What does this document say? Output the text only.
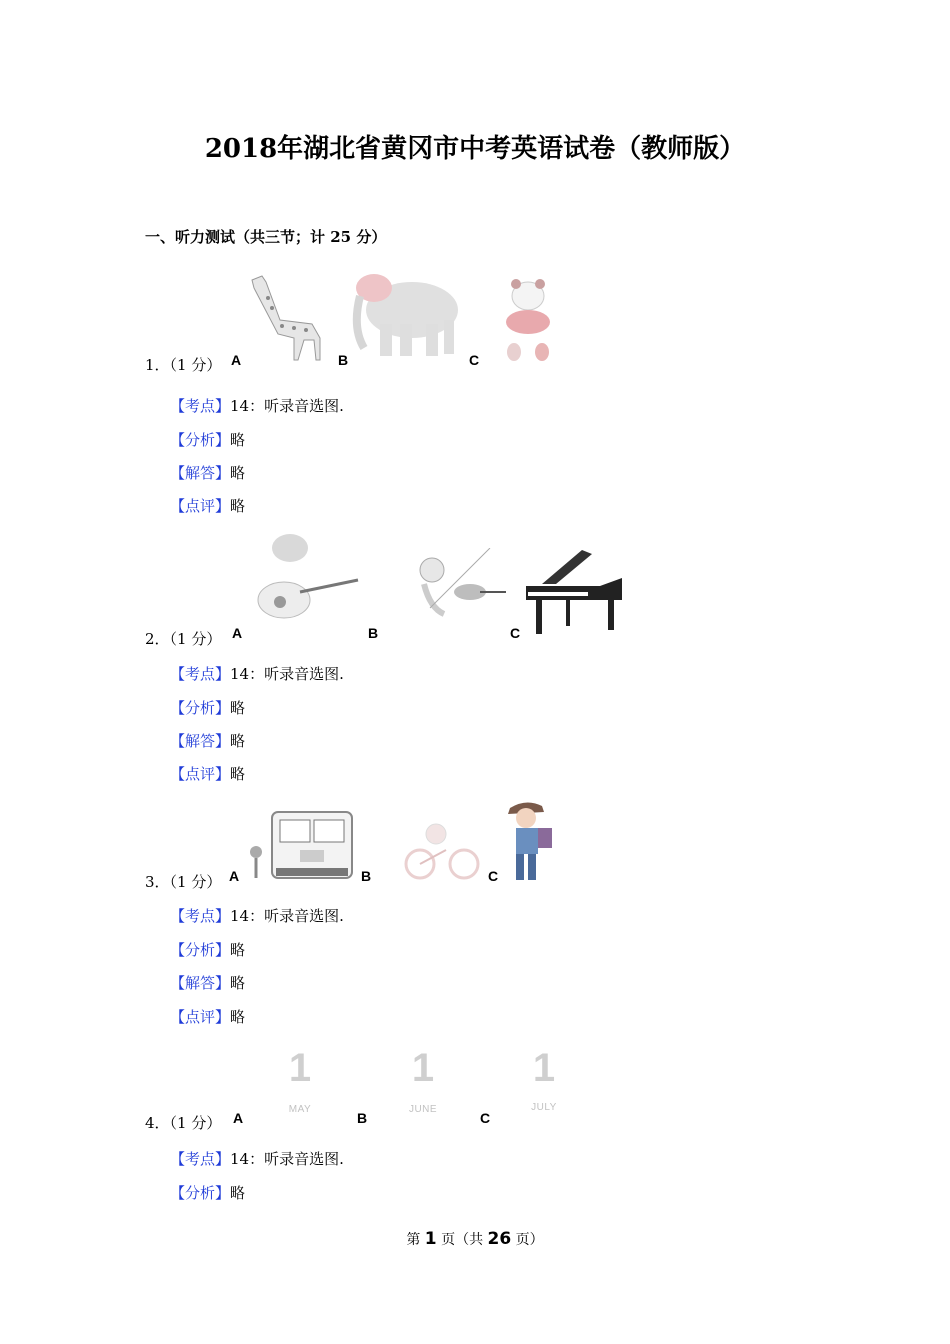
2018年湖北省黄冈市中考英语试卷（教师版）
一、听力测试（共三节；计 25 分）
1．（1 分） A	B	C
【考点】14：听录音选图.
【分析】略
【解答】略
【点评】略
2．（1 分） A	B	C
【考点】14：听录音选图.
【分析】略
【解答】略
【点评】略
3．（1 分） A	B	C
【考点】14：听录音选图.
【分析】略
【解答】略
【点评】略
1
MAY
1
JUNE
1
JULY
4．（1 分） A	B	C
【考点】14：听录音选图.
【分析】略
第 1 页（共 26 页）
